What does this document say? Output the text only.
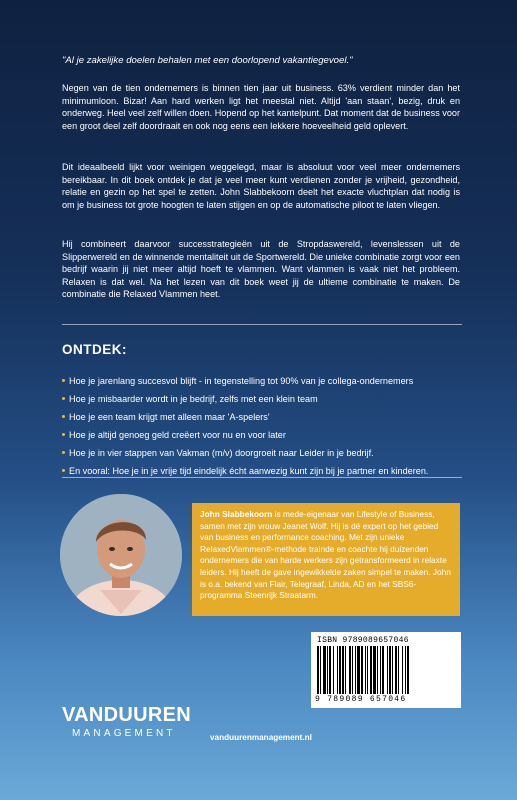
"Al je zakelijke doelen behalen met een doorlopend vakantiegevoel."

Negen van de tien ondernemers is binnen tien jaar uit business. 63% verdient minder dan het minimumloon. Bizar! Aan hard werken ligt het meestal niet. Altijd 'aan staan', bezig, druk en onderweg. Heel veel zelf willen doen. Hopend op het kantelpunt. Dat moment dat de business voor een groot deel zelf doordraait en ook nog eens een lekkere hoeveelheid geld oplevert.

Dit ideaalbeeld lijkt voor weinigen weggelegd, maar is absoluut voor veel meer ondernemers bereikbaar. In dit boek ontdek je dat je veel meer kunt verdienen zonder je vrijheid, gezondheid, relatie en gezin op het spel te zetten. John Slabbekoorn deelt het exacte vluchtplan dat nodig is om je business tot grote hoogten te laten stijgen en op de automatische piloot te laten vliegen.

Hij combineert daarvoor successtrategieën uit de Stropdaswereld, levenslessen uit de Slipperwereld en de winnende mentaliteit uit de Sportwereld. Die unieke combinatie zorgt voor een bedrijf waarin jij niet meer altijd hoeft te vlammen. Want vlammen is vaak niet het probleem. Relaxen is dat wel. Na het lezen van dit boek weet jij de ultieme combinatie te maken. De combinatie die Relaxed Vlammen heet.

ONTDEK:
Hoe je jarenlang succesvol blijft - in tegenstelling tot 90% van je collega-ondernemers
Hoe je misbaarder wordt in je bedrijf, zelfs met een klein team
Hoe je een team krijgt met alleen maar 'A-spelers'
Hoe je altijd genoeg geld creëert voor nu en voor later
Hoe je in vier stappen van Vakman (m/v) doorgroeit naar Leider in je bedrijf.
En vooral: Hoe je in je vrije tijd eindelijk écht aanwezig kunt zijn bij je partner en kinderen.
John Slabbekoorn is mede-eigenaar van Lifestyle of Business, samen met zijn vrouw Jeanet Wolf. Hij is dé expert op het gebied van business en performance coaching. Met zijn unieke RelaxedVlammen®-methode trainde en coachte hij duizenden ondernemers die van harde werkers zijn getransformeerd in relaxte leiders. Hij heeft de gave ingewikkelde zaken simpel te maken. John is o.a. bekend van Flair, Telegraaf, Linda, AD en het SBS6-programma Steenrijk Straatarm.
ISBN 9789089657046
9 789089 657046
VANDUUREN
MANAGEMENT	vanduurenmanagement.nl
